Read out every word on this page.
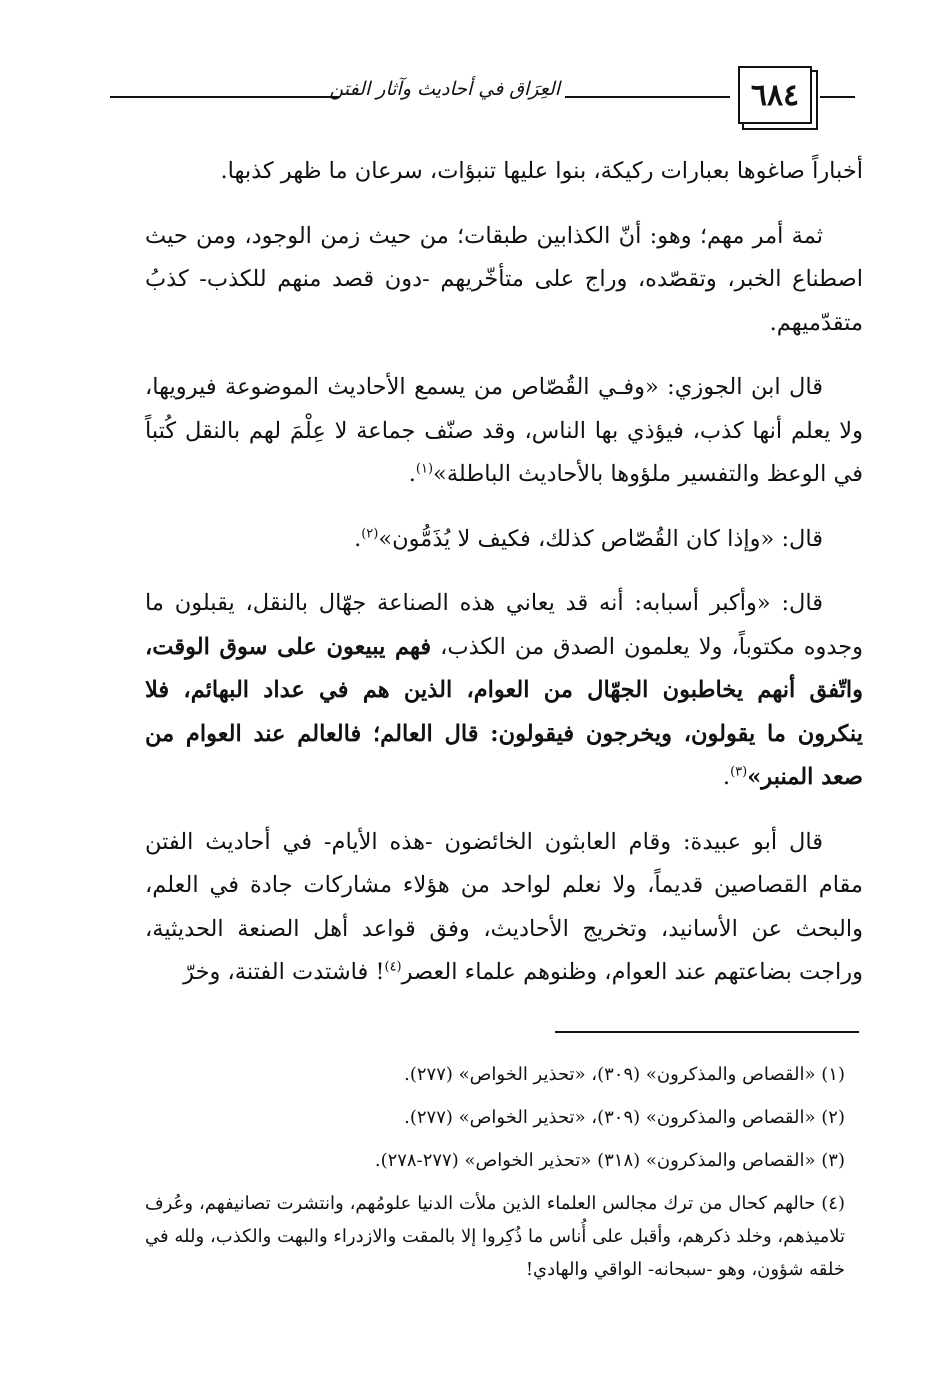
العِرَاق في أحاديث وآثار الفتن	٦٨٤

أخباراً صاغوها بعبارات ركيكة، بنوا عليها تنبؤات، سرعان ما ظهر كذبها.

ثمة أمر مهم؛ وهو: أنّ الكذابين طبقات؛ من حيث زمن الوجود، ومن حيث اصطناع الخبر، وتقصّده، وراج على متأخّريهم -دون قصد منهم للكذب- كذبُ متقدّميهم.

قال ابن الجوزي: «وفـي القُصّاص من يسمع الأحاديث الموضوعة فيرويها، ولا يعلم أنها كذب، فيؤذي بها الناس، وقد صنّف جماعة لا عِلْمَ لهم بالنقل كُتباً في الوعظ والتفسير ملؤوها بالأحاديث الباطلة»$^{(١)}$.

قال: «وإذا كان القُصّاص كذلك، فكيف لا يُذَمُّون»$^{(٢)}$.

قال: «وأكبر أسبابه: أنه قد يعاني هذه الصناعة جهّال بالنقل، يقبلون ما وجدوه مكتوباً، ولا يعلمون الصدق من الكذب، فهم يبيعون على سوق الوقت، واتّفق أنهم يخاطبون الجهّال من العوام، الذين هم في عداد البهائم، فلا ينكرون ما يقولون، ويخرجون فيقولون: قال العالم؛ فالعالم عند العوام من صعد المنبر»$^{(٣)}$.

قال أبو عبيدة: وقام العابثون الخائضون -هذه الأيام- في أحاديث الفتن مقام القصاصين قديماً، ولا نعلم لواحد من هؤلاء مشاركات جادة في العلم، والبحث عن الأسانيد، وتخريج الأحاديث، وفق قواعد أهل الصنعة الحديثية، وراجت بضاعتهم عند العوام، وظنوهم علماء العصر$^{(٤)}$! فاشتدت الفتنة، وخرّ

(١) «القصاص والمذكرون» (٣٠٩)، «تحذير الخواص» (٢٧٧).

(٢) «القصاص والمذكرون» (٣٠٩)، «تحذير الخواص» (٢٧٧).

(٣) «القصاص والمذكرون» (٣١٨) «تحذير الخواص» (٢٧٧-٢٧٨).

(٤) حالهم كحال من ترك مجالس العلماء الذين ملأت الدنيا علومُهم، وانتشرت تصانيفهم، وعُرف تلاميذهم، وخلد ذكرهم، وأقبل على أُناس ما ذُكِروا إلا بالمقت والازدراء والبهت والكذب، ولله في خلقه شؤون، وهو -سبحانه- الواقي والهادي!
